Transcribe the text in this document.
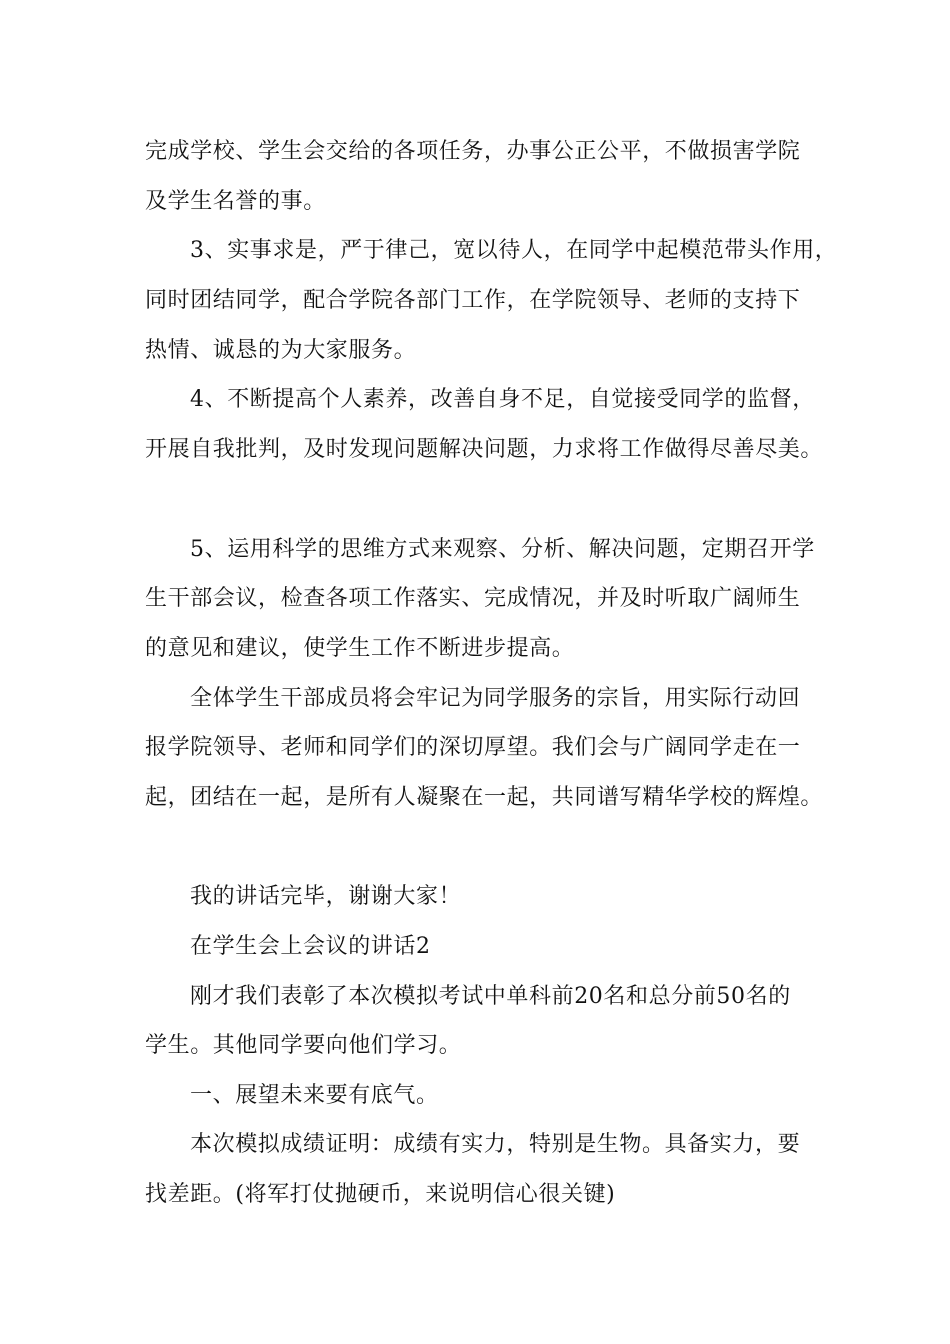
完成学校、学生会交给的各项任务，办事公正公平，不做损害学院
及学生名誉的事。
3、实事求是，严于律己，宽以待人，在同学中起模范带头作用，
同时团结同学，配合学院各部门工作，在学院领导、老师的支持下
热情、诚恳的为大家服务。
4、不断提高个人素养，改善自身不足，自觉接受同学的监督，
开展自我批判，及时发现问题解决问题，力求将工作做得尽善尽美。
5、运用科学的思维方式来观察、分析、解决问题，定期召开学
生干部会议，检查各项工作落实、完成情况，并及时听取广阔师生
的意见和建议，使学生工作不断进步提高。
全体学生干部成员将会牢记为同学服务的宗旨，用实际行动回
报学院领导、老师和同学们的深切厚望。我们会与广阔同学走在一
起，团结在一起，是所有人凝聚在一起，共同谱写精华学校的辉煌。
我的讲话完毕，谢谢大家！
在学生会上会议的讲话2
刚才我们表彰了本次模拟考试中单科前20名和总分前50名的
学生。其他同学要向他们学习。
一、展望未来要有底气。
本次模拟成绩证明：成绩有实力，特别是生物。具备实力，要
找差距。(将军打仗抛硬币，来说明信心很关键)
